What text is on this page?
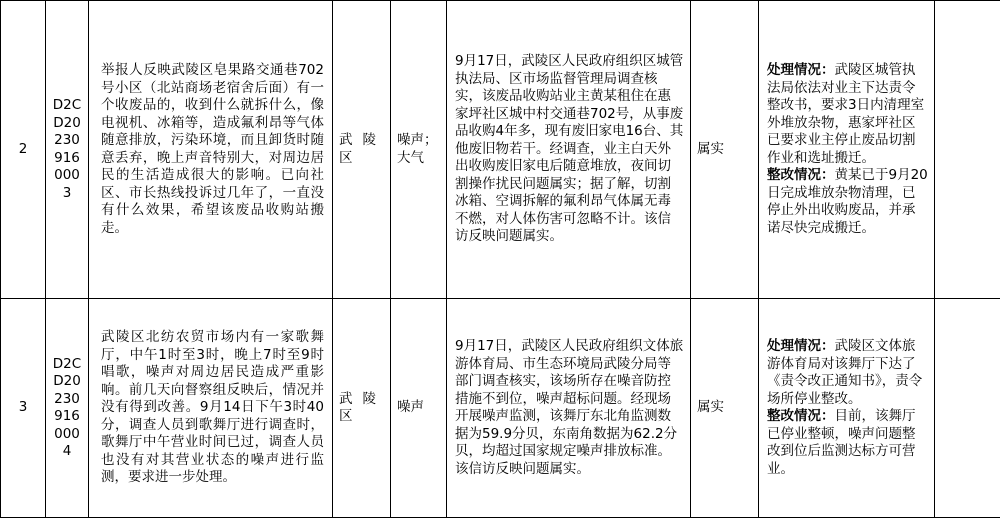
2	D2CD20230916000 3	举报人反映武陵区皂果路交通巷702号小区（北站商场老宿舍后面）有一个收废品的，收到什么就拆什么，像电视机、冰箱等，造成氟利昂等气体随意排放，污染环境，而且卸货时随意丢弃，晚上声音特别大，对周边居民的生活造成很大的影响。已向社区、市长热线投诉过几年了，一直没有什么效果，希望该废品收购站搬走。	武陵区	噪声；大气	9月17日，武陵区人民政府组织区城管执法局、区市场监督管理局调查核实，该废品收购站业主黄某租住在惠家坪社区城中村交通巷702号，从事废品收购4年多，现有废旧家电16台、其他废旧物若干。经调查，业主白天外出收购废旧家电后随意堆放，夜间切割操作扰民问题属实；据了解，切割冰箱、空调拆解的氟利昂气体属无毒不燃，对人体伤害可忽略不计。该信访反映问题属实。	属实	处理情况：武陵区城管执法局依法对业主下达责令整改书，要求3日内清理室外堆放杂物，惠家坪社区已要求业主停止废品切割作业和选址搬迁。
整改情况：黄某已于9月20日完成堆放杂物清理，已停止外出收购废品，并承诺尽快完成搬迁。	

3	D2CD20230916000 4	武陵区北纺农贸市场内有一家歌舞厅，中午1时至3时，晚上7时至9时唱歌，噪声对周边居民造成严重影响。前几天向督察组反映后，情况并没有得到改善。9月14日下午3时40分，调查人员到歌舞厅进行调查时，歌舞厅中午营业时间已过，调查人员也没有对其营业状态的噪声进行监测，要求进一步处理。	武陵区	噪声	9月17日，武陵区人民政府组织文体旅游体育局、市生态环境局武陵分局等部门调查核实，该场所存在噪音防控措施不到位，噪声超标问题。经现场开展噪声监测，该舞厅东北角监测数据为59.9分贝，东南角数据为62.2分贝，均超过国家规定噪声排放标准。该信访反映问题属实。	属实	处理情况：武陵区文体旅游体育局对该舞厅下达了《责令改正通知书》，责令场所停业整改。
整改情况：目前，该舞厅已停业整顿，噪声问题整改到位后监测达标方可营业。	
